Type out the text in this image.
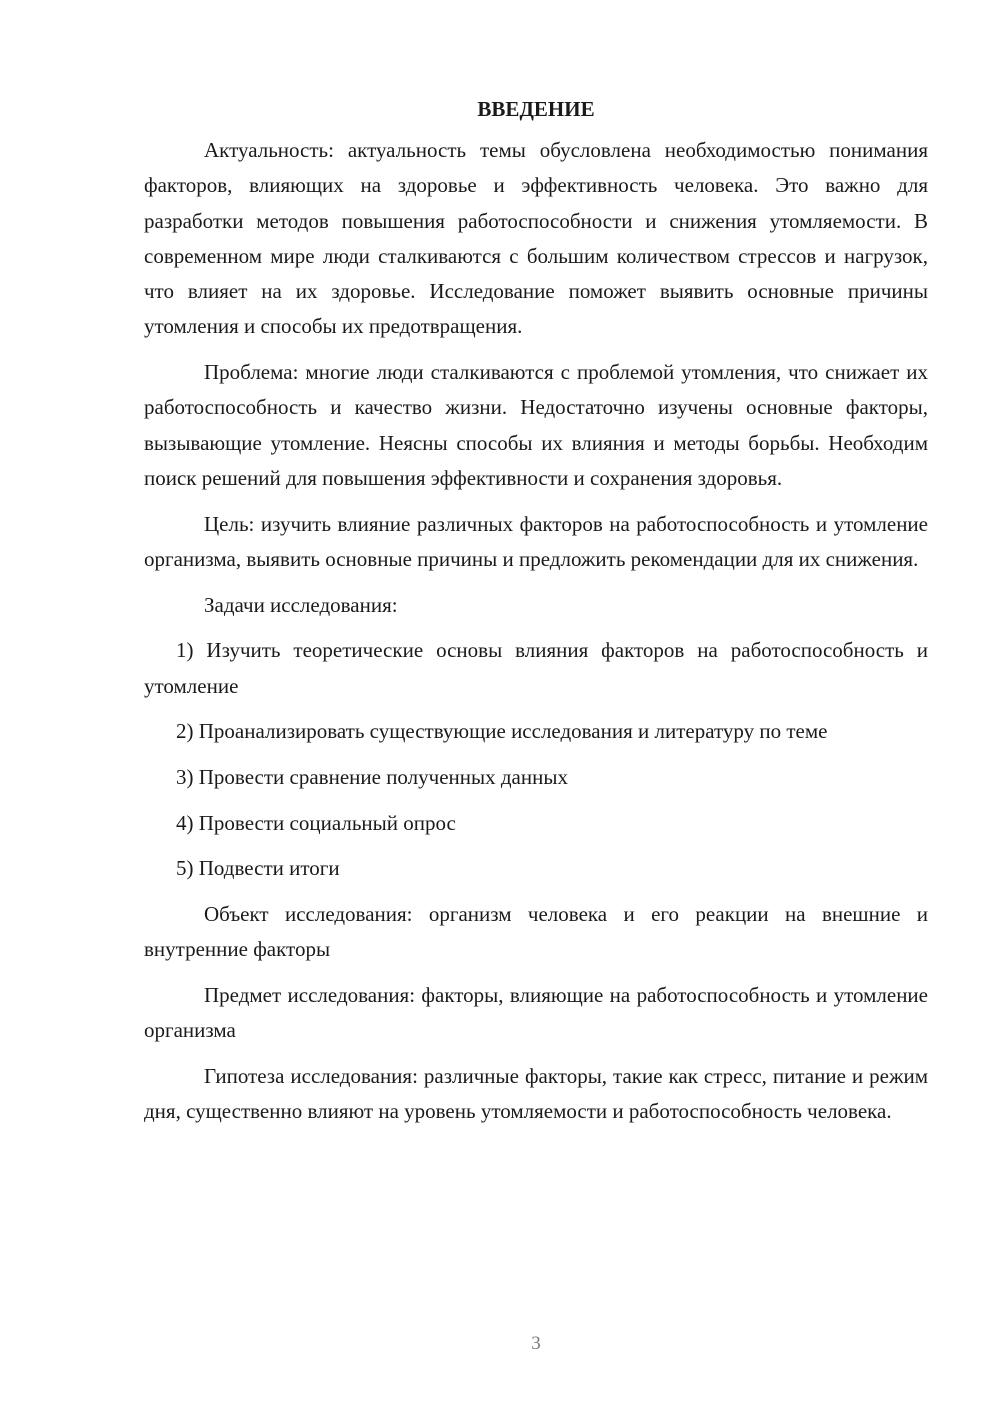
ВВЕДЕНИЕ

Актуальность: актуальность темы обусловлена необходимостью понимания факторов, влияющих на здоровье и эффективность человека. Это важно для разработки методов повышения работоспособности и снижения утомляемости. В современном мире люди сталкиваются с большим количеством стрессов и нагрузок, что влияет на их здоровье. Исследование поможет выявить основные причины утомления и способы их предотвращения.

Проблема: многие люди сталкиваются с проблемой утомления, что снижает их работоспособность и качество жизни. Недостаточно изучены основные факторы, вызывающие утомление. Неясны способы их влияния и методы борьбы. Необходим поиск решений для повышения эффективности и сохранения здоровья.

Цель: изучить влияние различных факторов на работоспособность и утомление организма, выявить основные причины и предложить рекомендации для их снижения.

Задачи исследования:

1) Изучить теоретические основы влияния факторов на работоспособность и утомление

2) Проанализировать существующие исследования и литературу по теме

3) Провести сравнение полученных данных

4) Провести социальный опрос

5) Подвести итоги

Объект исследования: организм человека и его реакции на внешние и внутренние факторы

Предмет исследования: факторы, влияющие на работоспособность и утомление организма

Гипотеза исследования: различные факторы, такие как стресс, питание и режим дня, существенно влияют на уровень утомляемости и работоспособность человека.

3
